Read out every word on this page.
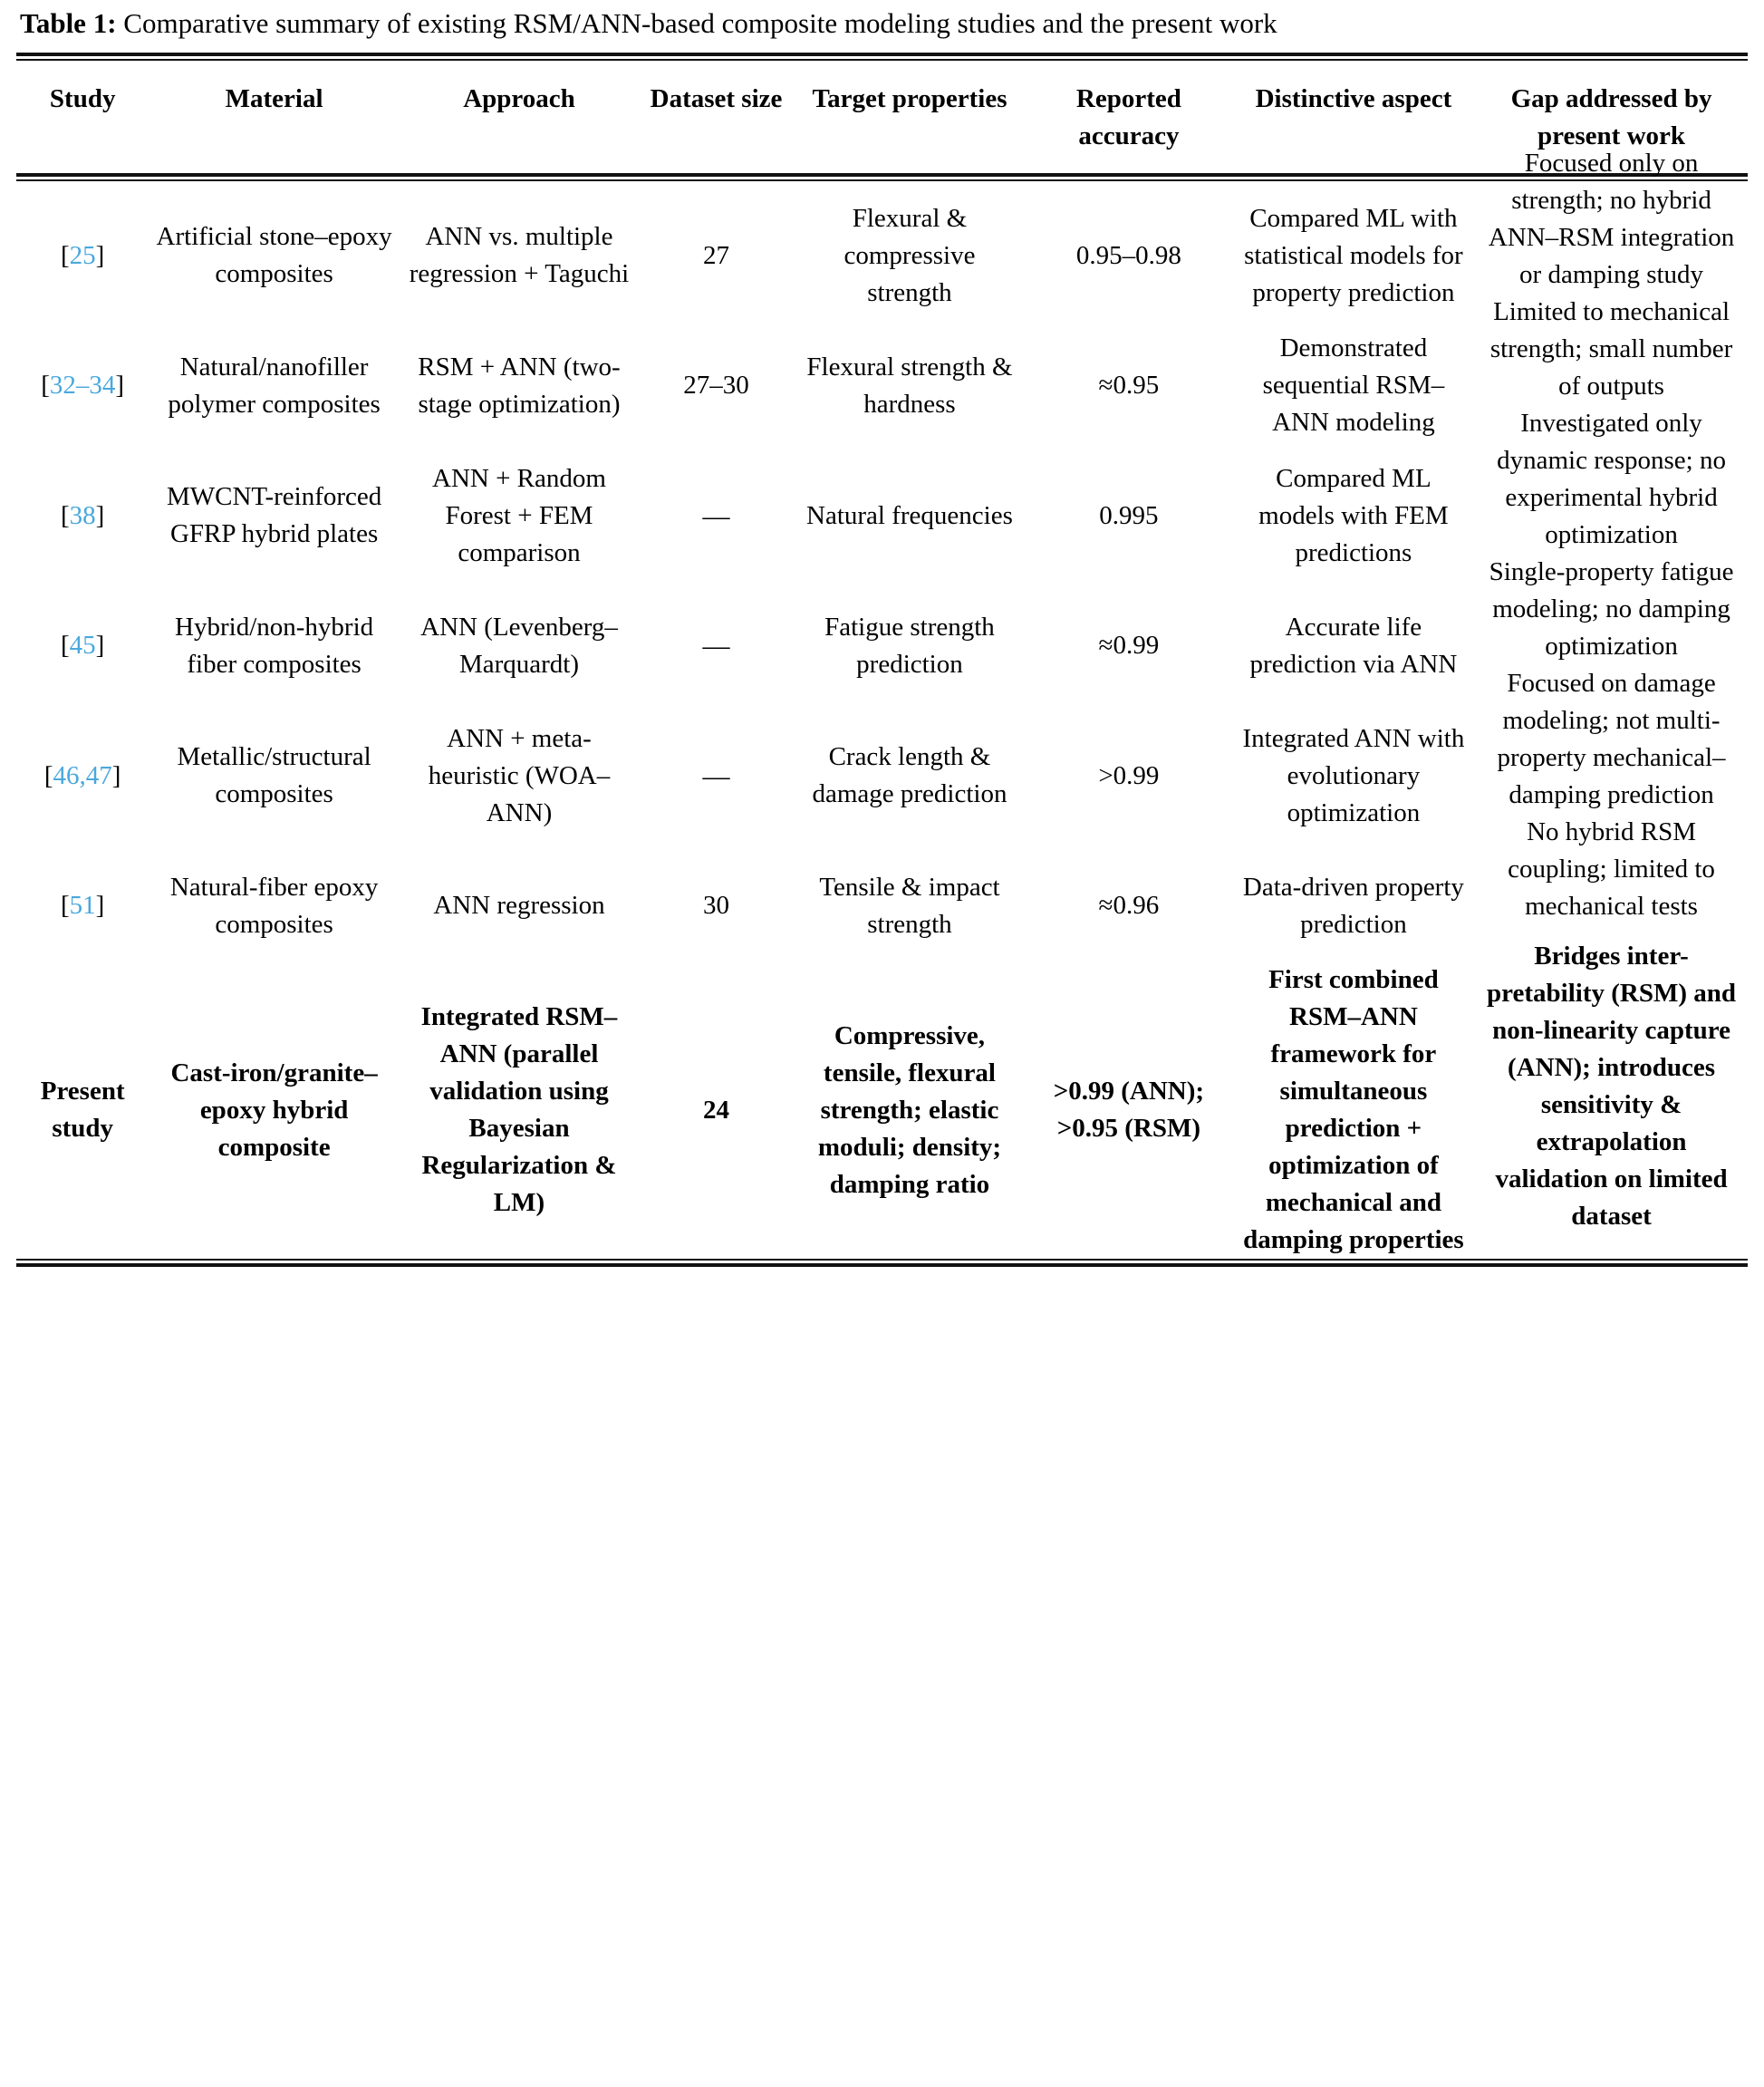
Table 1: Comparative summary of existing RSM/ANN-based composite modeling studies and the present work
Study	Material	Approach	Dataset size	Target properties	Reported accuracy	Distinctive aspect	Gap addressed by present work
[25]	Artificial stone–epoxy composites	ANN vs. multiple regression + Taguchi	27	Flexural & compressive strength	0.95–0.98	Compared ML with statistical models for property prediction	Focused only on strength; no hybrid ANN–RSM integration or damping study

[32–34]	Natural/nanofiller polymer composites	RSM + ANN (two-stage optimization)	27–30	Flexural strength & hardness	≈0.95	Demonstrated sequential RSM–ANN modeling	Limited to mechanical strength; small number of outputs

[38]	MWCNT-reinforced GFRP hybrid plates	ANN + Random Forest + FEM comparison	—	Natural frequencies	0.995	Compared ML models with FEM predictions	Investigated only dynamic response; no experimental hybrid optimization

[45]	Hybrid/non-hybrid fiber composites	ANN (Levenberg–Marquardt)	—	Fatigue strength prediction	≈0.99	Accurate life prediction via ANN	Single-property fatigue modeling; no damping optimization

[46,47]	Metallic/structural composites	ANN + meta-heuristic (WOA–ANN)	—	Crack length & damage prediction	>0.99	Integrated ANN with evolutionary optimization	Focused on damage modeling; not multi-property mechanical–damping prediction

[51]	Natural-fiber epoxy composites	ANN regression	30	Tensile & impact strength	≈0.96	Data-driven property prediction	No hybrid RSM coupling; limited to mechanical tests

Present study	Cast-iron/granite–epoxy hybrid composite	Integrated RSM–ANN (parallel validation using Bayesian Regularization & LM)	24	Compressive, tensile, flexural strength; elastic moduli; density; damping ratio	>0.99 (ANN); >0.95 (RSM)	First combined RSM–ANN framework for simultaneous prediction + optimization of mechanical and damping properties	Bridges inter-pretability (RSM) and non-linearity capture (ANN); introduces sensitivity & extrapolation validation on limited dataset
